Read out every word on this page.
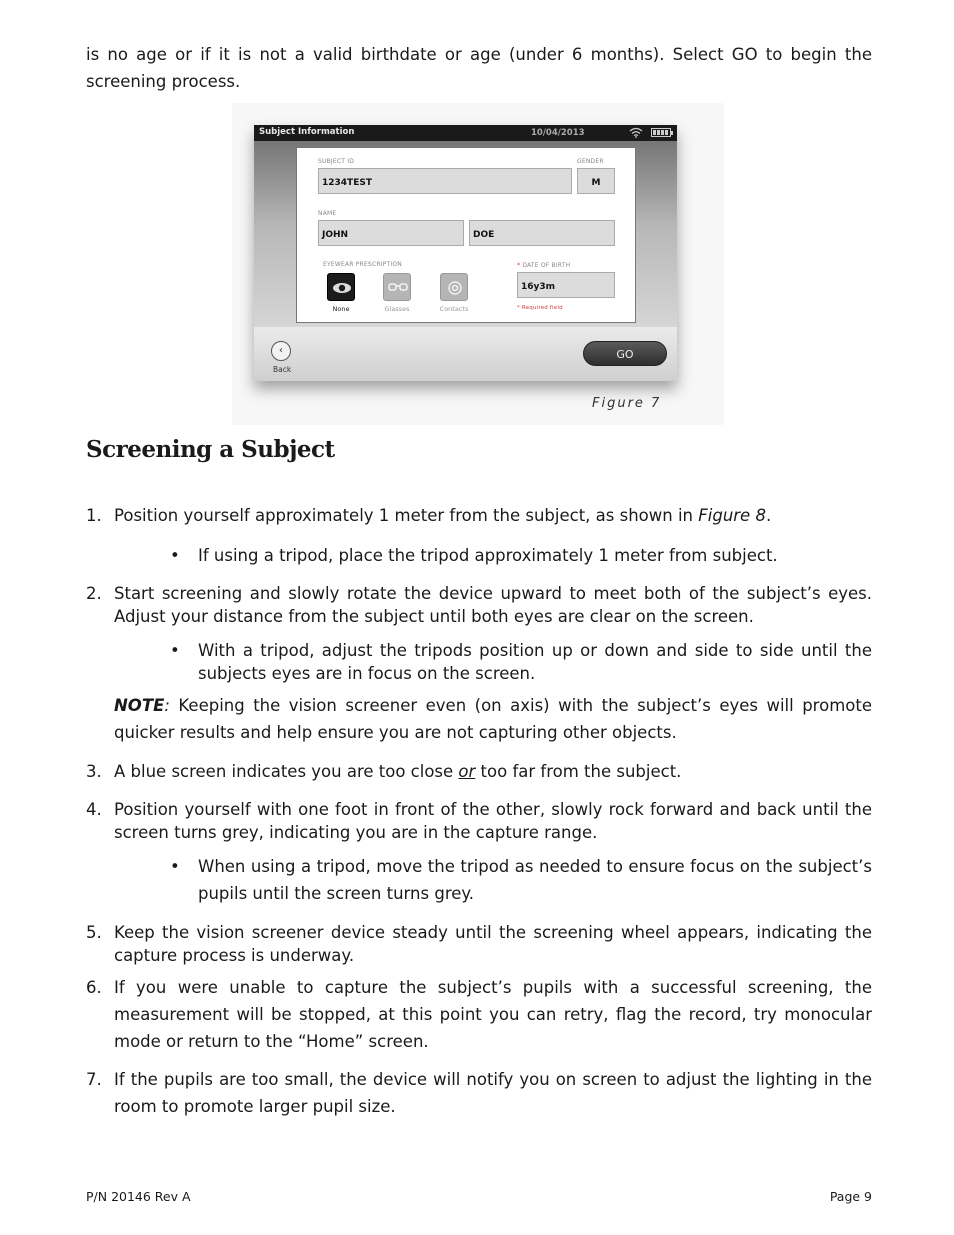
is no age or if it is not a valid birthdate or age (under 6 months). Select GO to begin the screening process.

Subject Information	10/04/2013
SUBJECT ID
1234TEST
GENDER
M
NAME
JOHN	DOE
EYEWEAR PRESCRIPTION
None	Glasses	Contacts
* DATE OF BIRTH
16y3m
* Required field
‹
Back
GO
Figure 7
Screening a Subject
1. Position yourself approximately 1 meter from the subject, as shown in Figure 8.
• If using a tripod, place the tripod approximately 1 meter from subject.
2. Start screening and slowly rotate the device upward to meet both of the subject’s eyes. Adjust your distance from the subject until both eyes are clear on the screen.
• With a tripod, adjust the tripods position up or down and side to side until the subjects eyes are in focus on the screen.

NOTE: Keeping the vision screener even (on axis) with the subject’s eyes will promote quicker results and help ensure you are not capturing other objects.

3. A blue screen indicates you are too close or too far from the subject.
4. Position yourself with one foot in front of the other, slowly rock forward and back until the screen turns grey, indicating you are in the capture range.
• When using a tripod, move the tripod as needed to ensure focus on the subject’s pupils until the screen turns grey.
5. Keep the vision screener device steady until the screening wheel appears, indicating the capture process is underway.
6. If you were unable to capture the subject’s pupils with a successful screening, the measurement will be stopped, at this point you can retry, flag the record, try monocular mode or return to the “Home” screen.
7. If the pupils are too small, the device will notify you on screen to adjust the lighting in the room to promote larger pupil size.
P/N 20146 Rev A	Page 9
